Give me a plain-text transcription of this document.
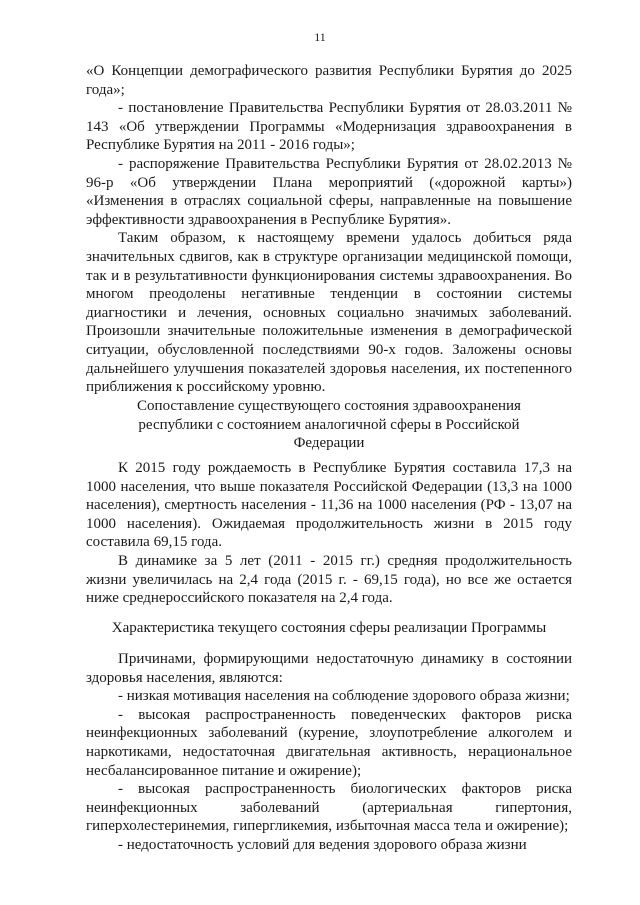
11

«О Концепции демографического развития Республики Бурятия до 2025 года»;

- постановление Правительства Республики Бурятия от 28.03.2011 № 143 «Об утверждении Программы «Модернизация здравоохранения в Республике Бурятия на 2011 - 2016 годы»;

- распоряжение Правительства Республики Бурятия от 28.02.2013 № 96-р «Об утверждении Плана мероприятий («дорожной карты») «Изменения в отраслях социальной сферы, направленные на повышение эффективности здравоохранения в Республике Бурятия».

Таким образом, к настоящему времени удалось добиться ряда значительных сдвигов, как в структуре организации медицинской помощи, так и в результативности функционирования системы здравоохранения. Во многом преодолены негативные тенденции в состоянии системы диагностики и лечения, основных социально значимых заболеваний. Произошли значительные положительные изменения в демографической ситуации, обусловленной последствиями 90-х годов. Заложены основы дальнейшего улучшения показателей здоровья населения, их постепенного приближения к российскому уровню.

Сопоставление существующего состояния здравоохранения республики с состоянием аналогичной сферы в Российской Федерации

К 2015 году рождаемость в Республике Бурятия составила 17,3 на 1000 населения, что выше показателя Российской Федерации (13,3 на 1000 населения), смертность населения - 11,36 на 1000 населения (РФ - 13,07 на 1000 населения). Ожидаемая продолжительность жизни в 2015 году составила 69,15 года.

В динамике за 5 лет (2011 - 2015 гг.) средняя продолжительность жизни увеличилась на 2,4 года (2015 г. - 69,15 года), но все же остается ниже среднероссийского показателя на 2,4 года.

Характеристика текущего состояния сферы реализации Программы

Причинами, формирующими недостаточную динамику в состоянии здоровья населения, являются:

- низкая мотивация населения на соблюдение здорового образа жизни;

- высокая распространенность поведенческих факторов риска неинфекционных заболеваний (курение, злоупотребление алкоголем и наркотиками, недостаточная двигательная активность, нерациональное несбалансированное питание и ожирение);

- высокая распространенность биологических факторов риска неинфекционных заболеваний (артериальная гипертония, гиперхолестеринемия, гипергликемия, избыточная масса тела и ожирение);

- недостаточность условий для ведения здорового образа жизни
